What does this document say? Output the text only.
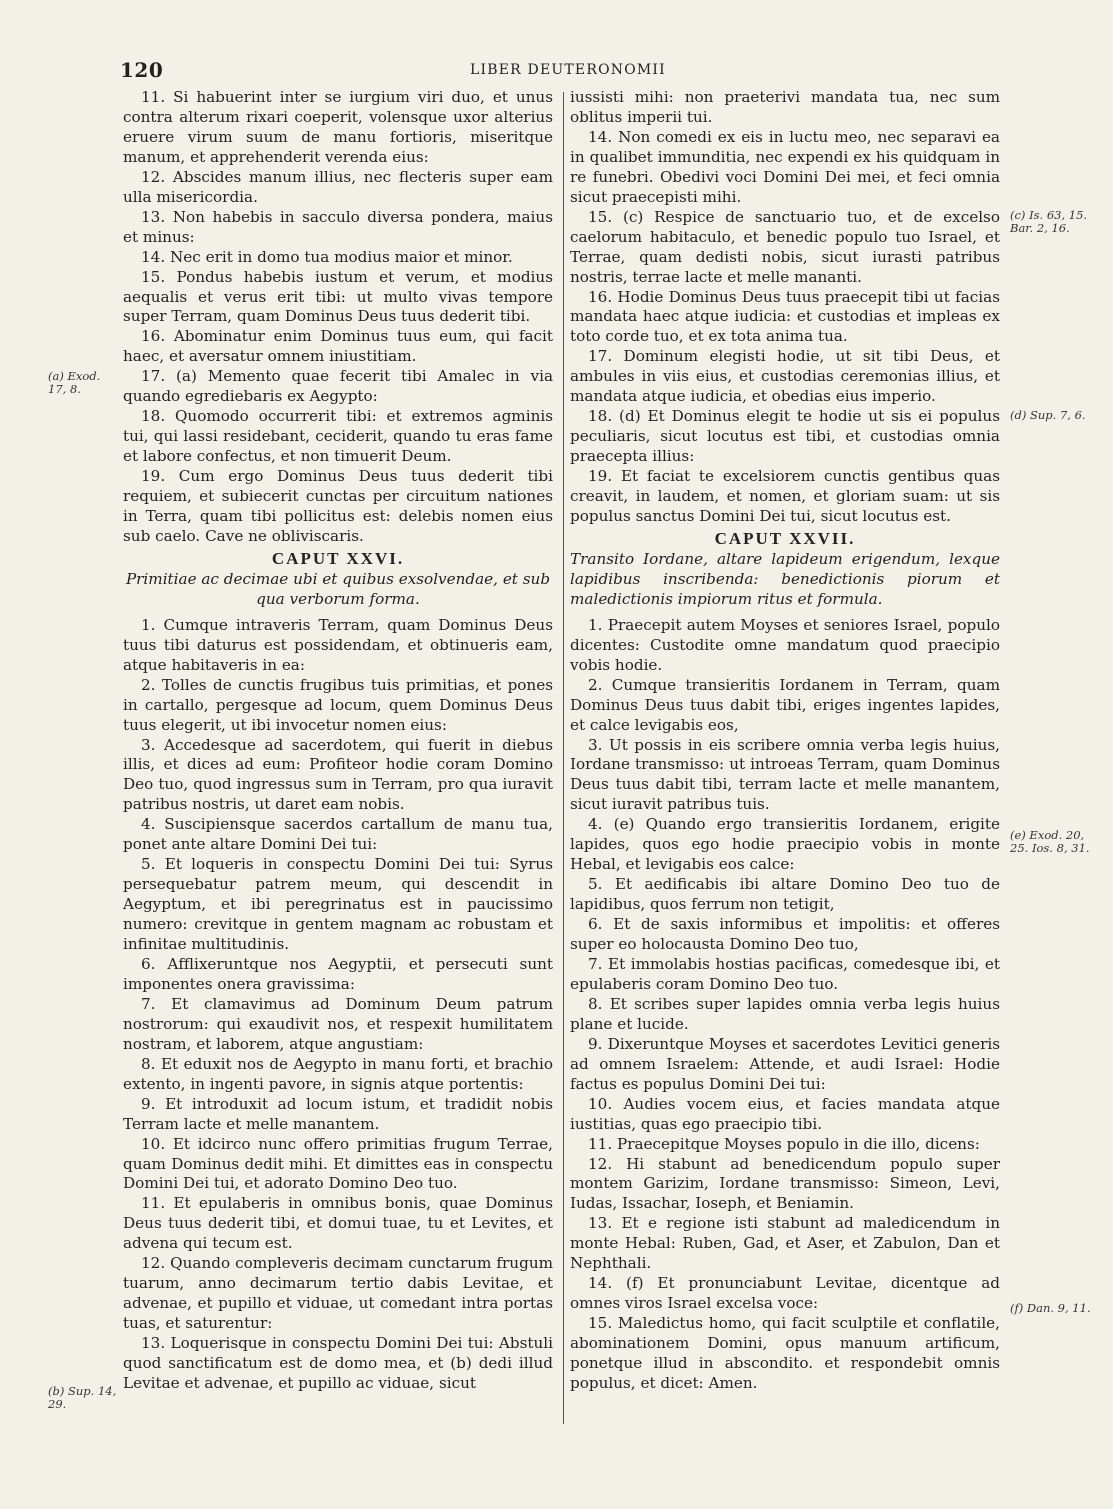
120	LIBER DEUTERONOMII

11. Si habuerint inter se iurgium viri duo, et unus contra alterum rixari coeperit, volensque uxor alterius eruere virum suum de manu fortioris, miseritque manum, et apprehenderit verenda eius:

12. Abscides manum illius, nec flecteris super eam ulla misericordia.

13. Non habebis in sacculo diversa pondera, maius et minus:

14. Nec erit in domo tua modius maior et minor.

15. Pondus habebis iustum et verum, et modius aequalis et verus erit tibi: ut multo vivas tempore super Terram, quam Dominus Deus tuus dederit tibi.

16. Abominatur enim Dominus tuus eum, qui facit haec, et aversatur omnem iniustitiam.

17. (a) Memento quae fecerit tibi Amalec in via quando egrediebaris ex Aegypto:

18. Quomodo occurrerit tibi: et extremos agminis tui, qui lassi residebant, ceciderit, quando tu eras fame et labore confectus, et non timuerit Deum.

19. Cum ergo Dominus Deus tuus dederit tibi requiem, et subiecerit cunctas per circuitum nationes in Terra, quam tibi pollicitus est: delebis nomen eius sub caelo. Cave ne obliviscaris.

CAPUT XXVI.
Primitiae ac decimae ubi et quibus exsolvendae, et sub qua verborum forma.

1. Cumque intraveris Terram, quam Dominus Deus tuus tibi daturus est possidendam, et obtinueris eam, atque habitaveris in ea:

2. Tolles de cunctis frugibus tuis primitias, et pones in cartallo, pergesque ad locum, quem Dominus Deus tuus elegerit, ut ibi invocetur nomen eius:

3. Accedesque ad sacerdotem, qui fuerit in diebus illis, et dices ad eum: Profiteor hodie coram Domino Deo tuo, quod ingressus sum in Terram, pro qua iuravit patribus nostris, ut daret eam nobis.

4. Suscipiensque sacerdos cartallum de manu tua, ponet ante altare Domini Dei tui:

5. Et loqueris in conspectu Domini Dei tui: Syrus persequebatur patrem meum, qui descendit in Aegyptum, et ibi peregrinatus est in paucissimo numero: crevitque in gentem magnam ac robustam et infinitae multitudinis.

6. Afflixeruntque nos Aegyptii, et persecuti sunt imponentes onera gravissima:

7. Et clamavimus ad Dominum Deum patrum nostrorum: qui exaudivit nos, et respexit humilitatem nostram, et laborem, atque angustiam:

8. Et eduxit nos de Aegypto in manu forti, et brachio extento, in ingenti pavore, in signis atque portentis:

9. Et introduxit ad locum istum, et tradidit nobis Terram lacte et melle manantem.

10. Et idcirco nunc offero primitias frugum Terrae, quam Dominus dedit mihi. Et dimittes eas in conspectu Domini Dei tui, et adorato Domino Deo tuo.

11. Et epulaberis in omnibus bonis, quae Dominus Deus tuus dederit tibi, et domui tuae, tu et Levites, et advena qui tecum est.

12. Quando compleveris decimam cunctarum frugum tuarum, anno decimarum tertio dabis Levitae, et advenae, et pupillo et viduae, ut comedant intra portas tuas, et saturentur:

13. Loquerisque in conspectu Domini Dei tui: Abstuli quod sanctificatum est de domo mea, et (b) dedi illud Levitae et advenae, et pupillo ac viduae, sicut

iussisti mihi: non praeterivi mandata tua, nec sum oblitus imperii tui.

14. Non comedi ex eis in luctu meo, nec separavi ea in qualibet immunditia, nec expendi ex his quidquam in re funebri. Obedivi voci Domini Dei mei, et feci omnia sicut praecepisti mihi.

15. (c) Respice de sanctuario tuo, et de excelso caelorum habitaculo, et benedic populo tuo Israel, et Terrae, quam dedisti nobis, sicut iurasti patribus nostris, terrae lacte et melle mananti.

16. Hodie Dominus Deus tuus praecepit tibi ut facias mandata haec atque iudicia: et custodias et impleas ex toto corde tuo, et ex tota anima tua.

17. Dominum elegisti hodie, ut sit tibi Deus, et ambules in viis eius, et custodias ceremonias illius, et mandata atque iudicia, et obedias eius imperio.

18. (d) Et Dominus elegit te hodie ut sis ei populus peculiaris, sicut locutus est tibi, et custodias omnia praecepta illius:

19. Et faciat te excelsiorem cunctis gentibus quas creavit, in laudem, et nomen, et gloriam suam: ut sis populus sanctus Domini Dei tui, sicut locutus est.

CAPUT XXVII.
Transito Iordane, altare lapideum erigendum, lexque lapidibus inscribenda: benedictionis piorum et maledictionis impiorum ritus et formula.

1. Praecepit autem Moyses et seniores Israel, populo dicentes: Custodite omne mandatum quod praecipio vobis hodie.

2. Cumque transieritis Iordanem in Terram, quam Dominus Deus tuus dabit tibi, eriges ingentes lapides, et calce levigabis eos,

3. Ut possis in eis scribere omnia verba legis huius, Iordane transmisso: ut introeas Terram, quam Dominus Deus tuus dabit tibi, terram lacte et melle manantem, sicut iuravit patribus tuis.

4. (e) Quando ergo transieritis Iordanem, erigite lapides, quos ego hodie praecipio vobis in monte Hebal, et levigabis eos calce:

5. Et aedificabis ibi altare Domino Deo tuo de lapidibus, quos ferrum non tetigit,

6. Et de saxis informibus et impolitis: et offeres super eo holocausta Domino Deo tuo,

7. Et immolabis hostias pacificas, comedesque ibi, et epulaberis coram Domino Deo tuo.

8. Et scribes super lapides omnia verba legis huius plane et lucide.

9. Dixeruntque Moyses et sacerdotes Levitici generis ad omnem Israelem: Attende, et audi Israel: Hodie factus es populus Domini Dei tui:

10. Audies vocem eius, et facies mandata atque iustitias, quas ego praecipio tibi.

11. Praecepitque Moyses populo in die illo, dicens:

12. Hi stabunt ad benedicendum populo super montem Garizim, Iordane transmisso: Simeon, Levi, Iudas, Issachar, Ioseph, et Beniamin.

13. Et e regione isti stabunt ad maledicendum in monte Hebal: Ruben, Gad, et Aser, et Zabulon, Dan et Nephthali.

14. (f) Et pronunciabunt Levitae, dicentque ad omnes viros Israel excelsa voce:

15. Maledictus homo, qui facit sculptile et conflatile, abominationem Domini, opus manuum artificum, ponetque illud in abscondito. et respondebit omnis populus, et dicet: Amen.

(a) Exod. 17, 8.
(b) Sup. 14, 29.
(c) Is. 63, 15. Bar. 2, 16.
(d) Sup. 7, 6.
(e) Exod. 20, 25. Ios. 8, 31.
(f) Dan. 9, 11.
